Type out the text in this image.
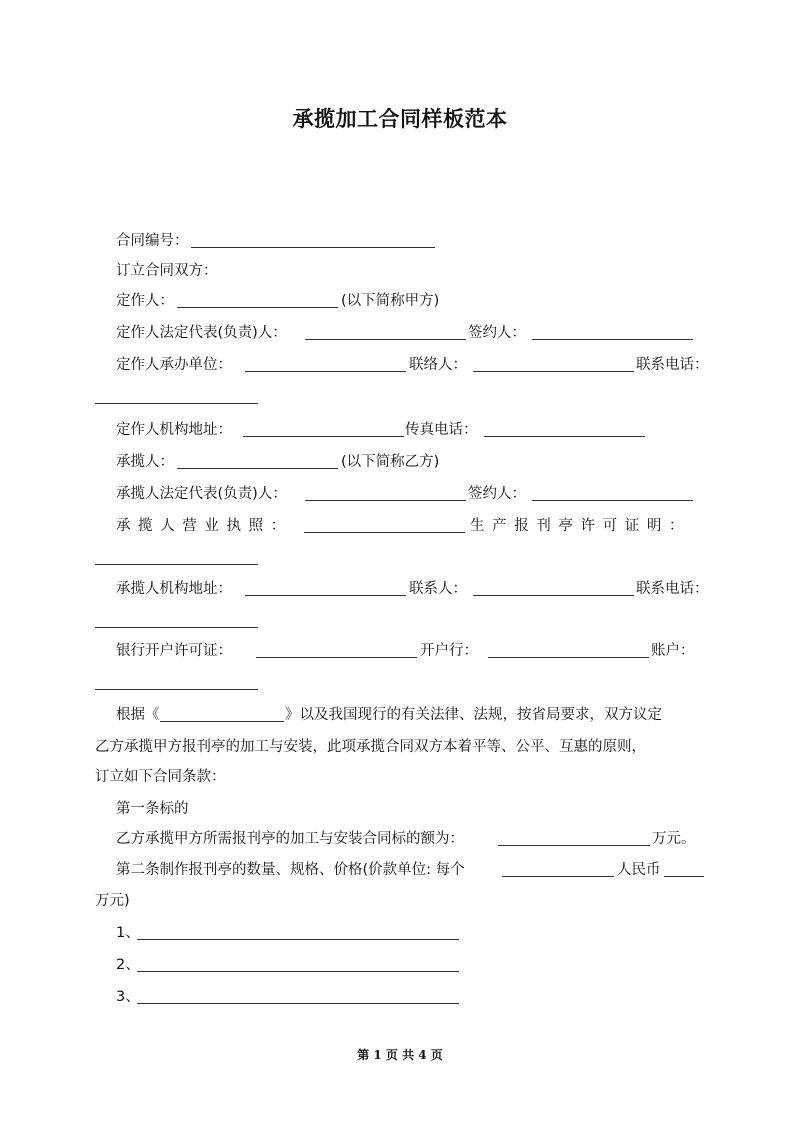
承揽加工合同样板范本
合同编号：
订立合同双方：
定作人：	(以下简称甲方)
定作人法定代表(负责)人：	签约人：
定作人承办单位：	联络人：	联系电话：
定作人机构地址：	传真电话：
承揽人：	(以下简称乙方)
承揽人法定代表(负责)人：	签约人：
承 揽 人 营 业 执 照 ：	生 产 报 刊 亭 许 可 证 明 ：
承揽人机构地址：	联系人：	联系电话：
银行开户许可证：	开户行：	账户：
根据《	》以及我国现行的有关法律、法规，按省局要求，双方议定
乙方承揽甲方报刊亭的加工与安装，此项承揽合同双方本着平等、公平、互惠的原则，
订立如下合同条款：
第一条标的
乙方承揽甲方所需报刊亭的加工与安装合同标的额为：	万元。
第二条制作报刊亭的数量、规格、价格(价款单位: 每个	人民币
万元)
1、
2、
3、
第 1 页 共 4 页
